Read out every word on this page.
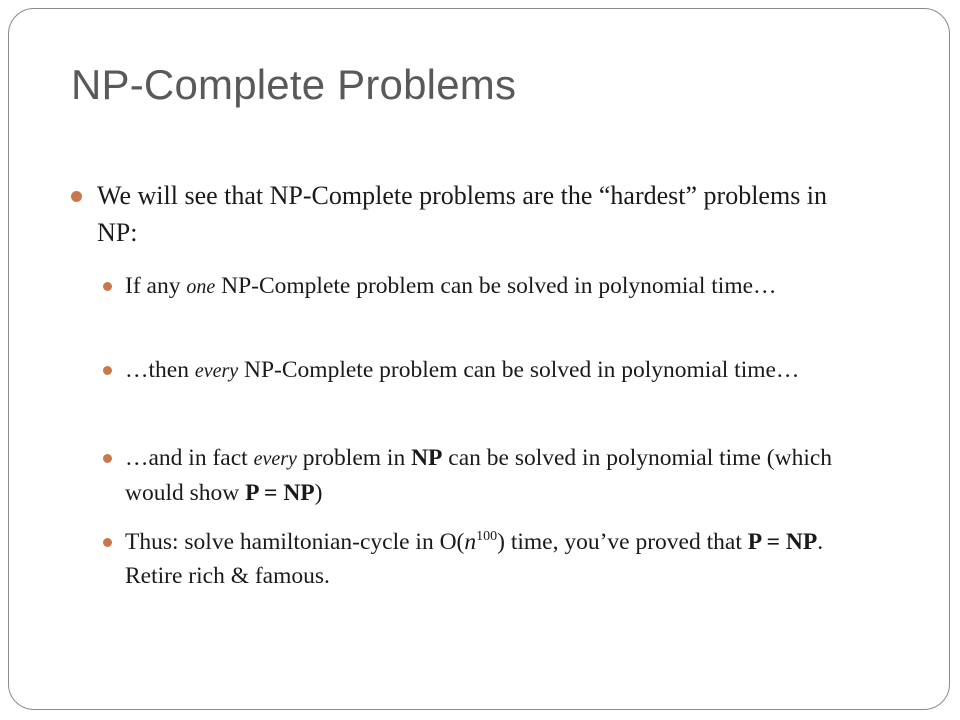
NP-Complete Problems
We will see that NP-Complete problems are the “hardest” problems in NP:
If any one NP-Complete problem can be solved in polynomial time…
…then every NP-Complete problem can be solved in polynomial time…
…and in fact every problem in NP can be solved in polynomial time (which would show P = NP)
Thus: solve hamiltonian-cycle in $O(n^{100})$ time, you’ve proved that P = NP. Retire rich & famous.
